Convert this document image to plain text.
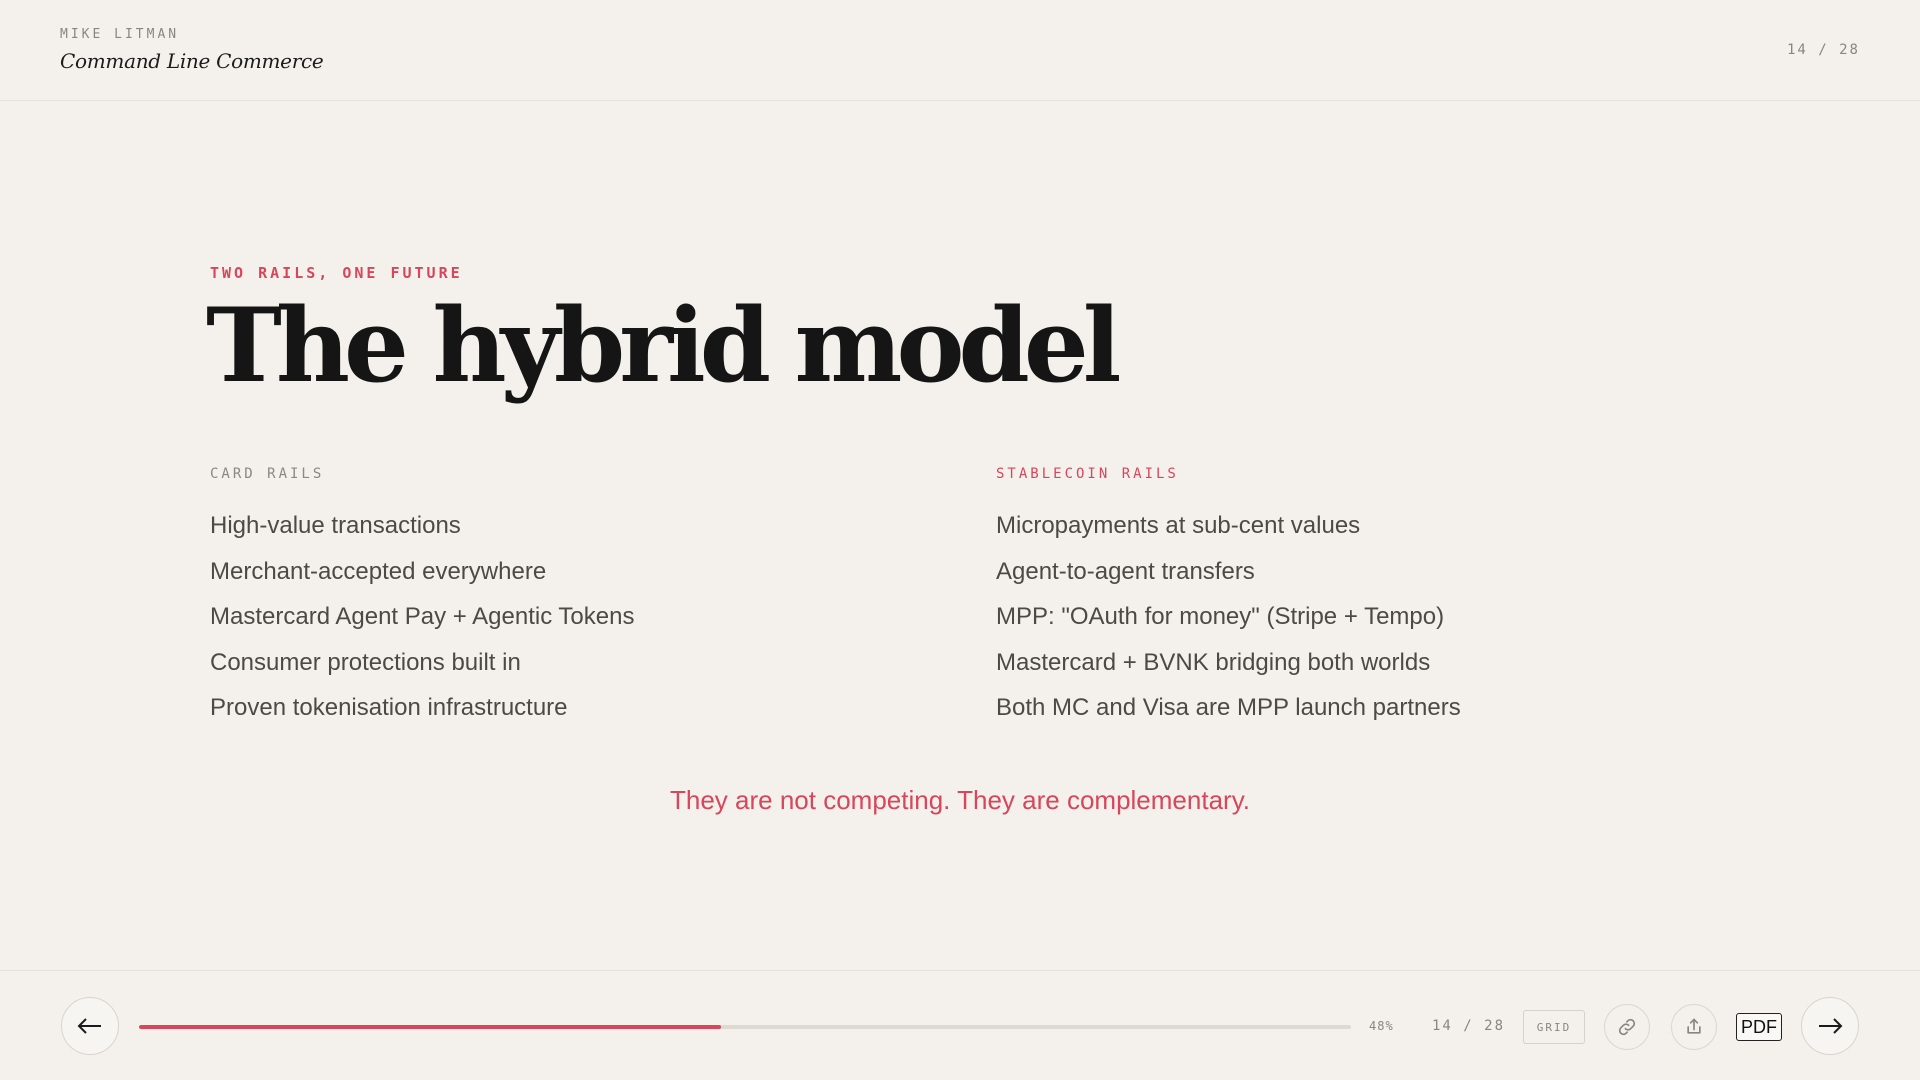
MIKE LITMAN
Command Line Commerce	14 / 28
TWO RAILS, ONE FUTURE
The hybrid model
CARD RAILS
High-value transactions
Merchant-accepted everywhere
Mastercard Agent Pay + Agentic Tokens
Consumer protections built in
Proven tokenisation infrastructure
STABLECOIN RAILS
Micropayments at sub-cent values
Agent-to-agent transfers
MPP: "OAuth for money" (Stripe + Tempo)
Mastercard + BVNK bridging both worlds
Both MC and Visa are MPP launch partners
They are not competing. They are complementary.
48%	14 / 28	GRID	PDF
